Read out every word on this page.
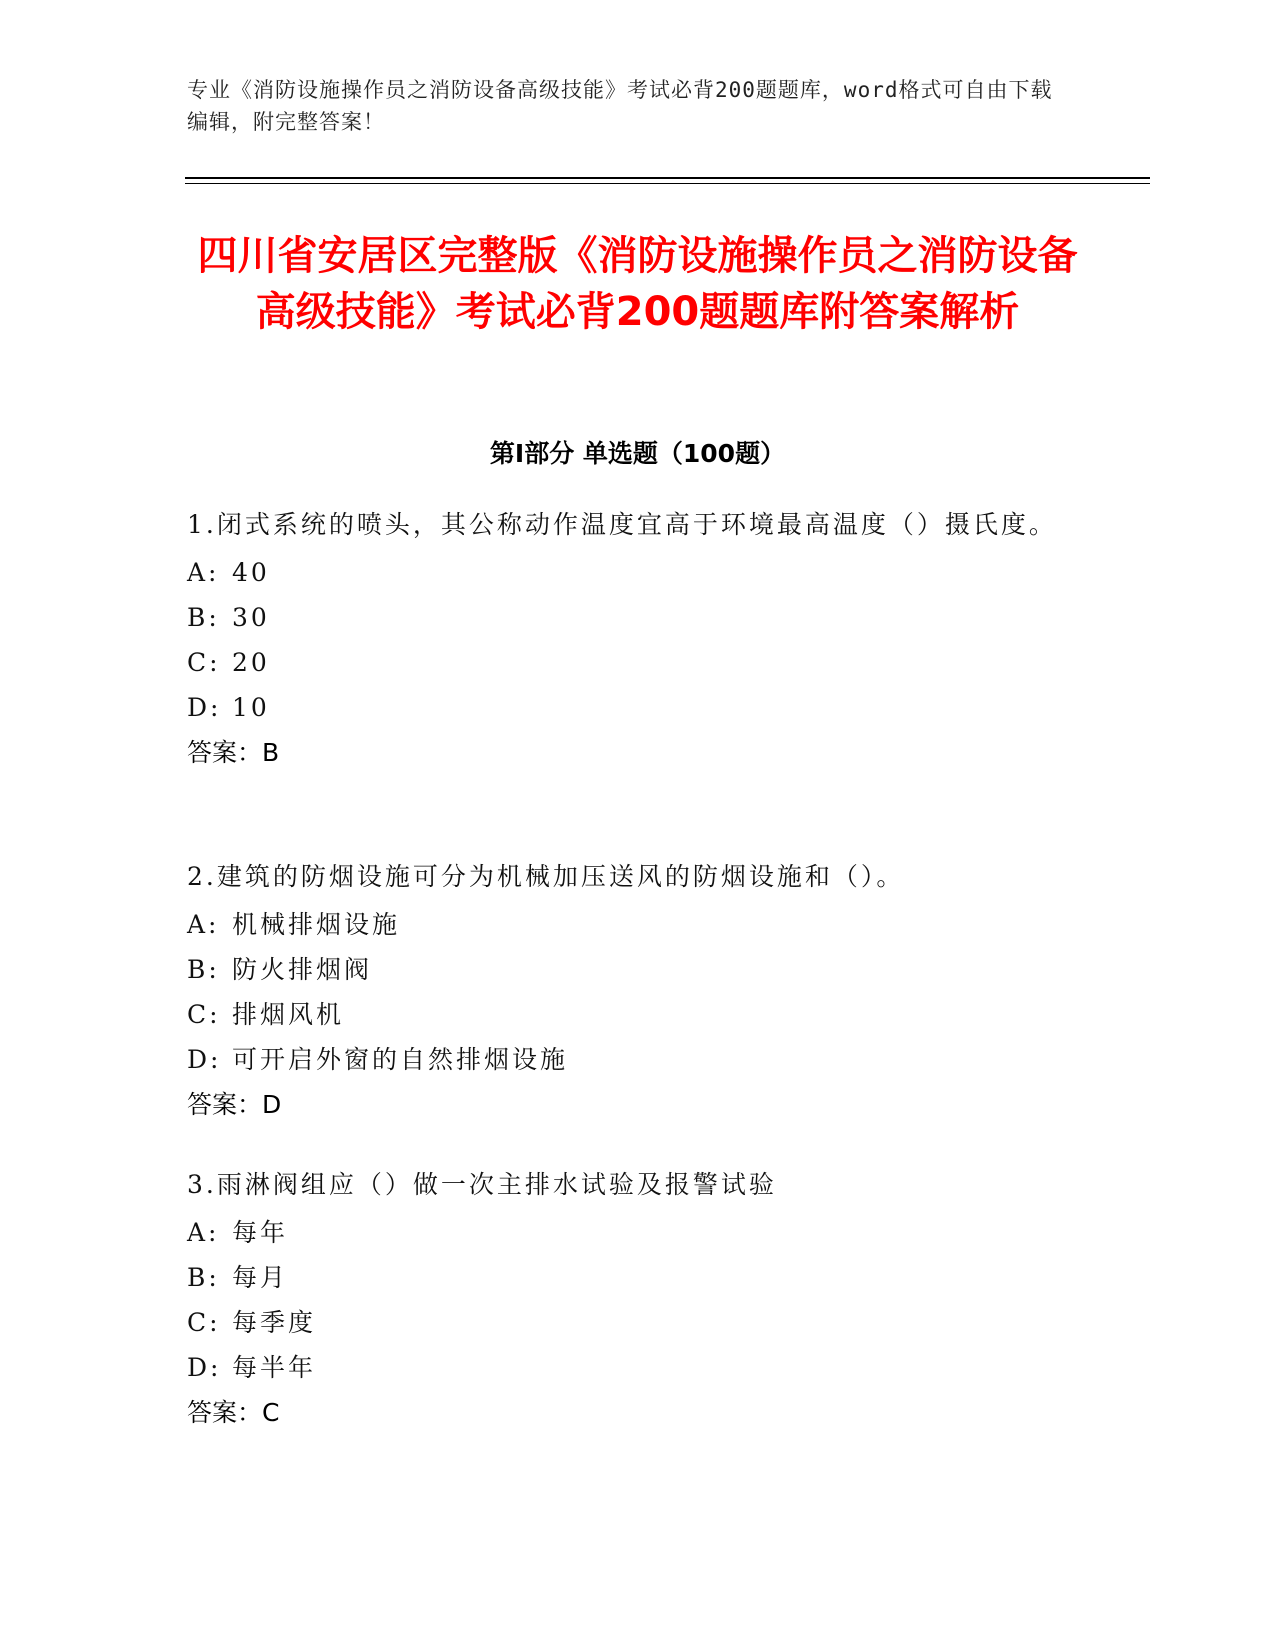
专业《消防设施操作员之消防设备高级技能》考试必背200题题库，word格式可自由下载编辑，附完整答案！
四川省安居区完整版《消防设施操作员之消防设备高级技能》考试必背200题题库附答案解析
第I部分 单选题（100题）
1.闭式系统的喷头，其公称动作温度宜高于环境最高温度（）摄氏度。
A: 40
B: 30
C: 20
D: 10
答案：B
2.建筑的防烟设施可分为机械加压送风的防烟设施和（）。
A: 机械排烟设施
B: 防火排烟阀
C: 排烟风机
D: 可开启外窗的自然排烟设施
答案：D
3.雨淋阀组应（）做一次主排水试验及报警试验
A: 每年
B: 每月
C: 每季度
D: 每半年
答案：C
